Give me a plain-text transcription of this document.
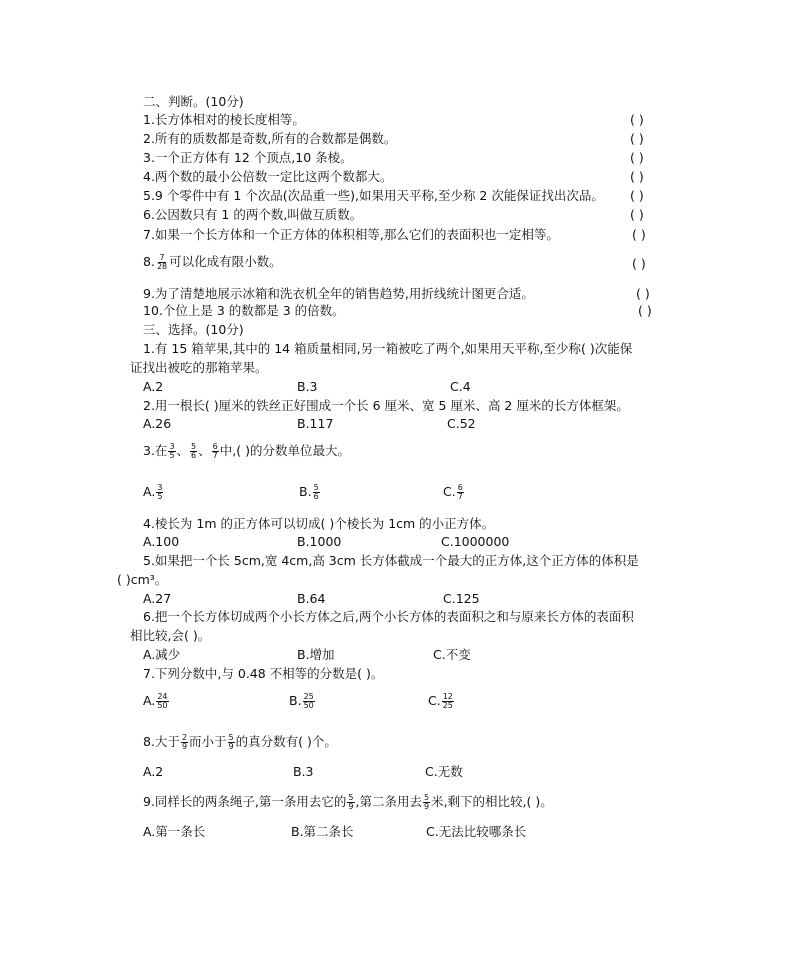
二、判断。(10分)
1.长方体相对的棱长度相等。	( )
2.所有的质数都是奇数,所有的合数都是偶数。	( )
3.一个正方体有 12 个顶点,10 条棱。	( )
4.两个数的最小公倍数一定比这两个数都大。	( )
5.9 个零件中有 1 个次品(次品重一些),如果用天平称,至少称 2 次能保证找出次品。 ( )
6.公因数只有 1 的两个数,叫做互质数。	( )
7.如果一个长方体和一个正方体的体积相等,那么它们的表面积也一定相等。	( )
8. $\frac{7}{28}$ 可以化成有限小数。	( )
9.为了清楚地展示冰箱和洗衣机全年的销售趋势,用折线统计图更合适。	( )
10.个位上是 3 的数都是 3 的倍数。	( )
三、选择。(10分)
1.有 15 箱苹果,其中的 14 箱质量相同,另一箱被吃了两个,如果用天平称,至少称( )次能保
证找出被吃的那箱苹果。
A.2	B.3	C.4
2.用一根长( )厘米的铁丝正好围成一个长 6 厘米、宽 5 厘米、高 2 厘米的长方体框架。
A.26	B.117	C.52
3.在 $\frac{3}{5}$ 、 $\frac{5}{6}$ 、 $\frac{6}{7}$ 中,( )的分数单位最大。
A. $\frac{3}{5}$	B. $\frac{5}{6}$	C. $\frac{6}{7}$
4.棱长为 1m 的正方体可以切成( )个棱长为 1cm 的小正方体。
A.100	B.1000	C.1000000
5.如果把一个长 5cm,宽 4cm,高 3cm 长方体截成一个最大的正方体,这个正方体的体积是
( )cm³。
A.27	B.64	C.125
6.把一个长方体切成两个小长方体之后,两个小长方体的表面积之和与原来长方体的表面积
相比较,会( )。
A.减少	B.增加	C.不变
7.下列分数中,与 0.48 不相等的分数是( )。
A. $\frac{24}{50}$	B. $\frac{25}{50}$	C. $\frac{12}{25}$
8.大于 $\frac{2}{9}$ 而小于 $\frac{5}{9}$ 的真分数有( )个。
A.2	B.3	C.无数
9.同样长的两条绳子,第一条用去它的 $\frac{5}{9}$ ,第二条用去 $\frac{5}{9}$ 米,剩下的相比较,( )。
A.第一条长	B.第二条长	C.无法比较哪条长
